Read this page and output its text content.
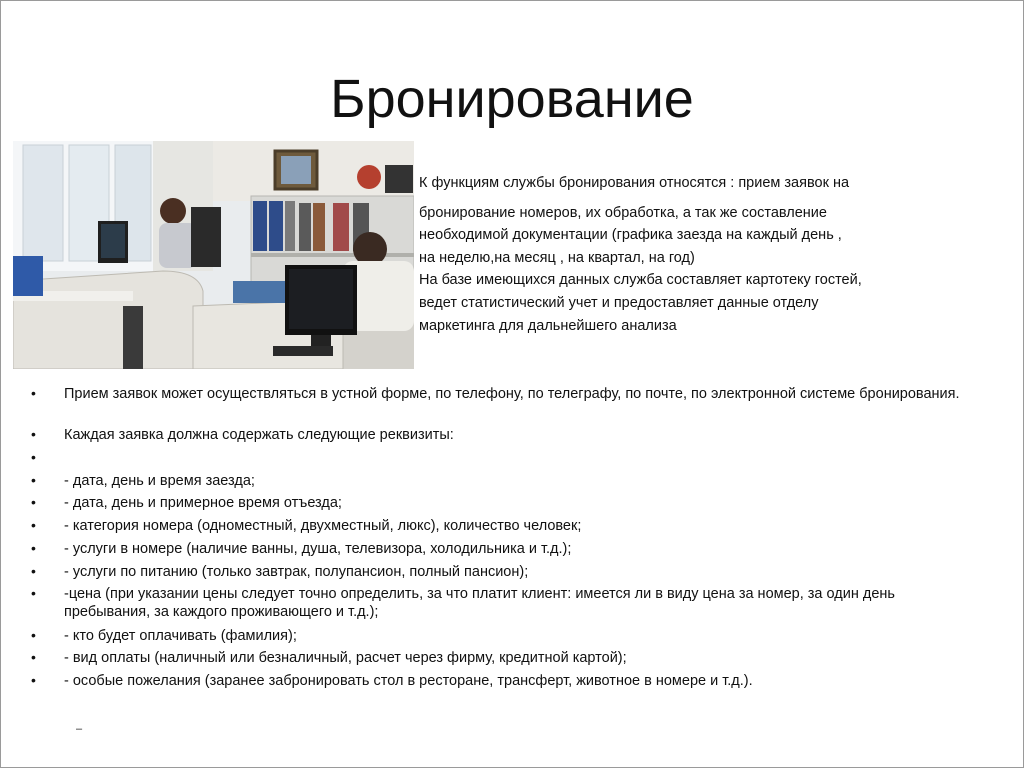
Бронирование
К функциям службы бронирования относятся : прием заявок на
бронирование номеров, их обработка, а так же составление
необходимой документации (графика заезда на каждый день ,
на неделю,на месяц , на квартал, на год)
На базе имеющихся данных служба составляет картотеку гостей,
ведет статистический учет и предоставляет данные отделу
маркетинга для дальнейшего анализа
• Прием заявок может осуществляться в устной форме, по телефону, по телеграфу, по почте, по электронной системе бронирования.
• Каждая заявка должна содержать следующие реквизиты:
•
• - дата, день и время заезда;
• - дата, день и примерное время отъезда;
• - категория номера (одноместный, двухместный, люкс), количество человек;
• - услуги в номере (наличие ванны, душа, телевизора, холодильника и т.д.);
• - услуги по питанию (только завтрак, полупансион, полный пансион);
• -цена (при указании цены следует точно определить, за что платит клиент: имеется ли в виду цена за номер, за один день пребывания, за каждого проживающего и т.д.);
• - кто будет оплачивать (фамилия);
• - вид оплаты (наличный или безналичный, расчет через фирму, кредитной картой);
• - особые пожелания (заранее забронировать стол в ресторане, трансферт, животное в номере и т.д.).
–
